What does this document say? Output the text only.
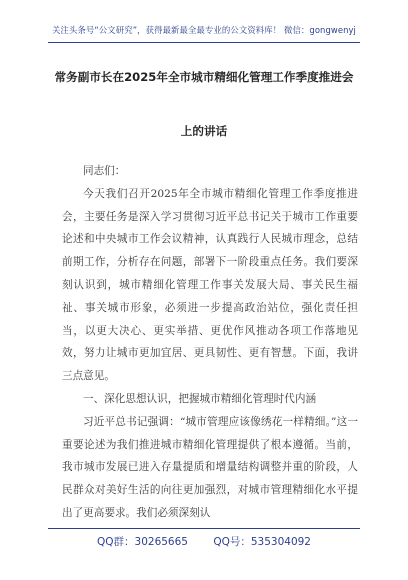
关注头条号“公文研究”，获得最新最全最专业的公文资料库！ 微信：gongwenyj
常务副市长在2025年全市城市精细化管理工作季度推进会
上的讲话

同志们：

今天我们召开2025年全市城市精细化管理工作季度推进会，主要任务是深入学习贯彻习近平总书记关于城市工作重要论述和中央城市工作会议精神，认真践行人民城市理念，总结前期工作，分析存在问题，部署下一阶段重点任务。我们要深刻认识到，城市精细化管理工作事关发展大局、事关民生福祉、事关城市形象，必须进一步提高政治站位，强化责任担当，以更大决心、更实举措、更优作风推动各项工作落地见效，努力让城市更加宜居、更具韧性、更有智慧。下面，我讲三点意见。

一、深化思想认识，把握城市精细化管理时代内涵

习近平总书记强调：“城市管理应该像绣花一样精细。”这一重要论述为我们推进城市精细化管理提供了根本遵循。当前，我市城市发展已进入存量提质和增量结构调整并重的阶段，人民群众对美好生活的向往更加强烈，对城市管理精细化水平提出了更高要求。我们必须深刻认

QQ群：30265665 QQ号：535304092
